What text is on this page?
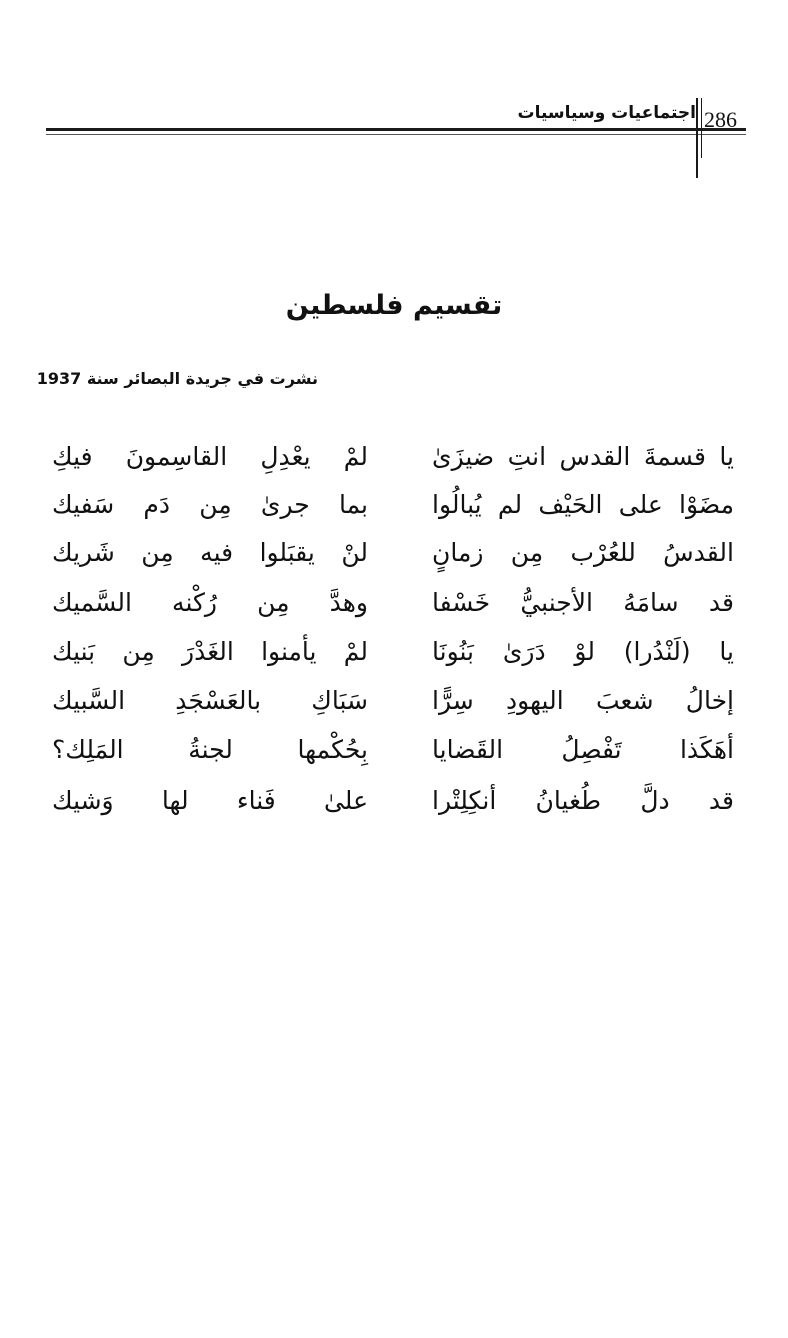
اجتماعيات وسياسيات 286
تقسيم فلسطين
نشرت في جريدة البصائر سنة 1937
يا قسمةَ القدس انتِ ضيزَىٰ
لمْ يعْدِلِ القاسِمونَ فيكِ
مضَوْا على الحَيْف لم يُبالُوا
بما جرىٰ مِن دَم سَفيك
القدسُ للعُرْب مِن زمانٍ
لنْ يقبَلوا فيه مِن شَريك
قد سامَهُ الأجنبيُّ خَسْفا
وهدَّ مِن رُكْنه السَّميك
يا (لَنْدُرا) لوْ دَرَىٰ بَنُونَا
لمْ يأمنوا الغَدْرَ مِن بَنيك
إخالُ شعبَ اليهودِ سِرًّا
سَبَاكِ بالعَسْجَدِ السَّبيك
أهَكَذا تَفْصِلُ القَضايا
بِحُكْمها لجنةُ المَلِك؟
قد دلَّ طُغيانُ أنكِلِتْرا
علىٰ فَناء لها وَشيك
